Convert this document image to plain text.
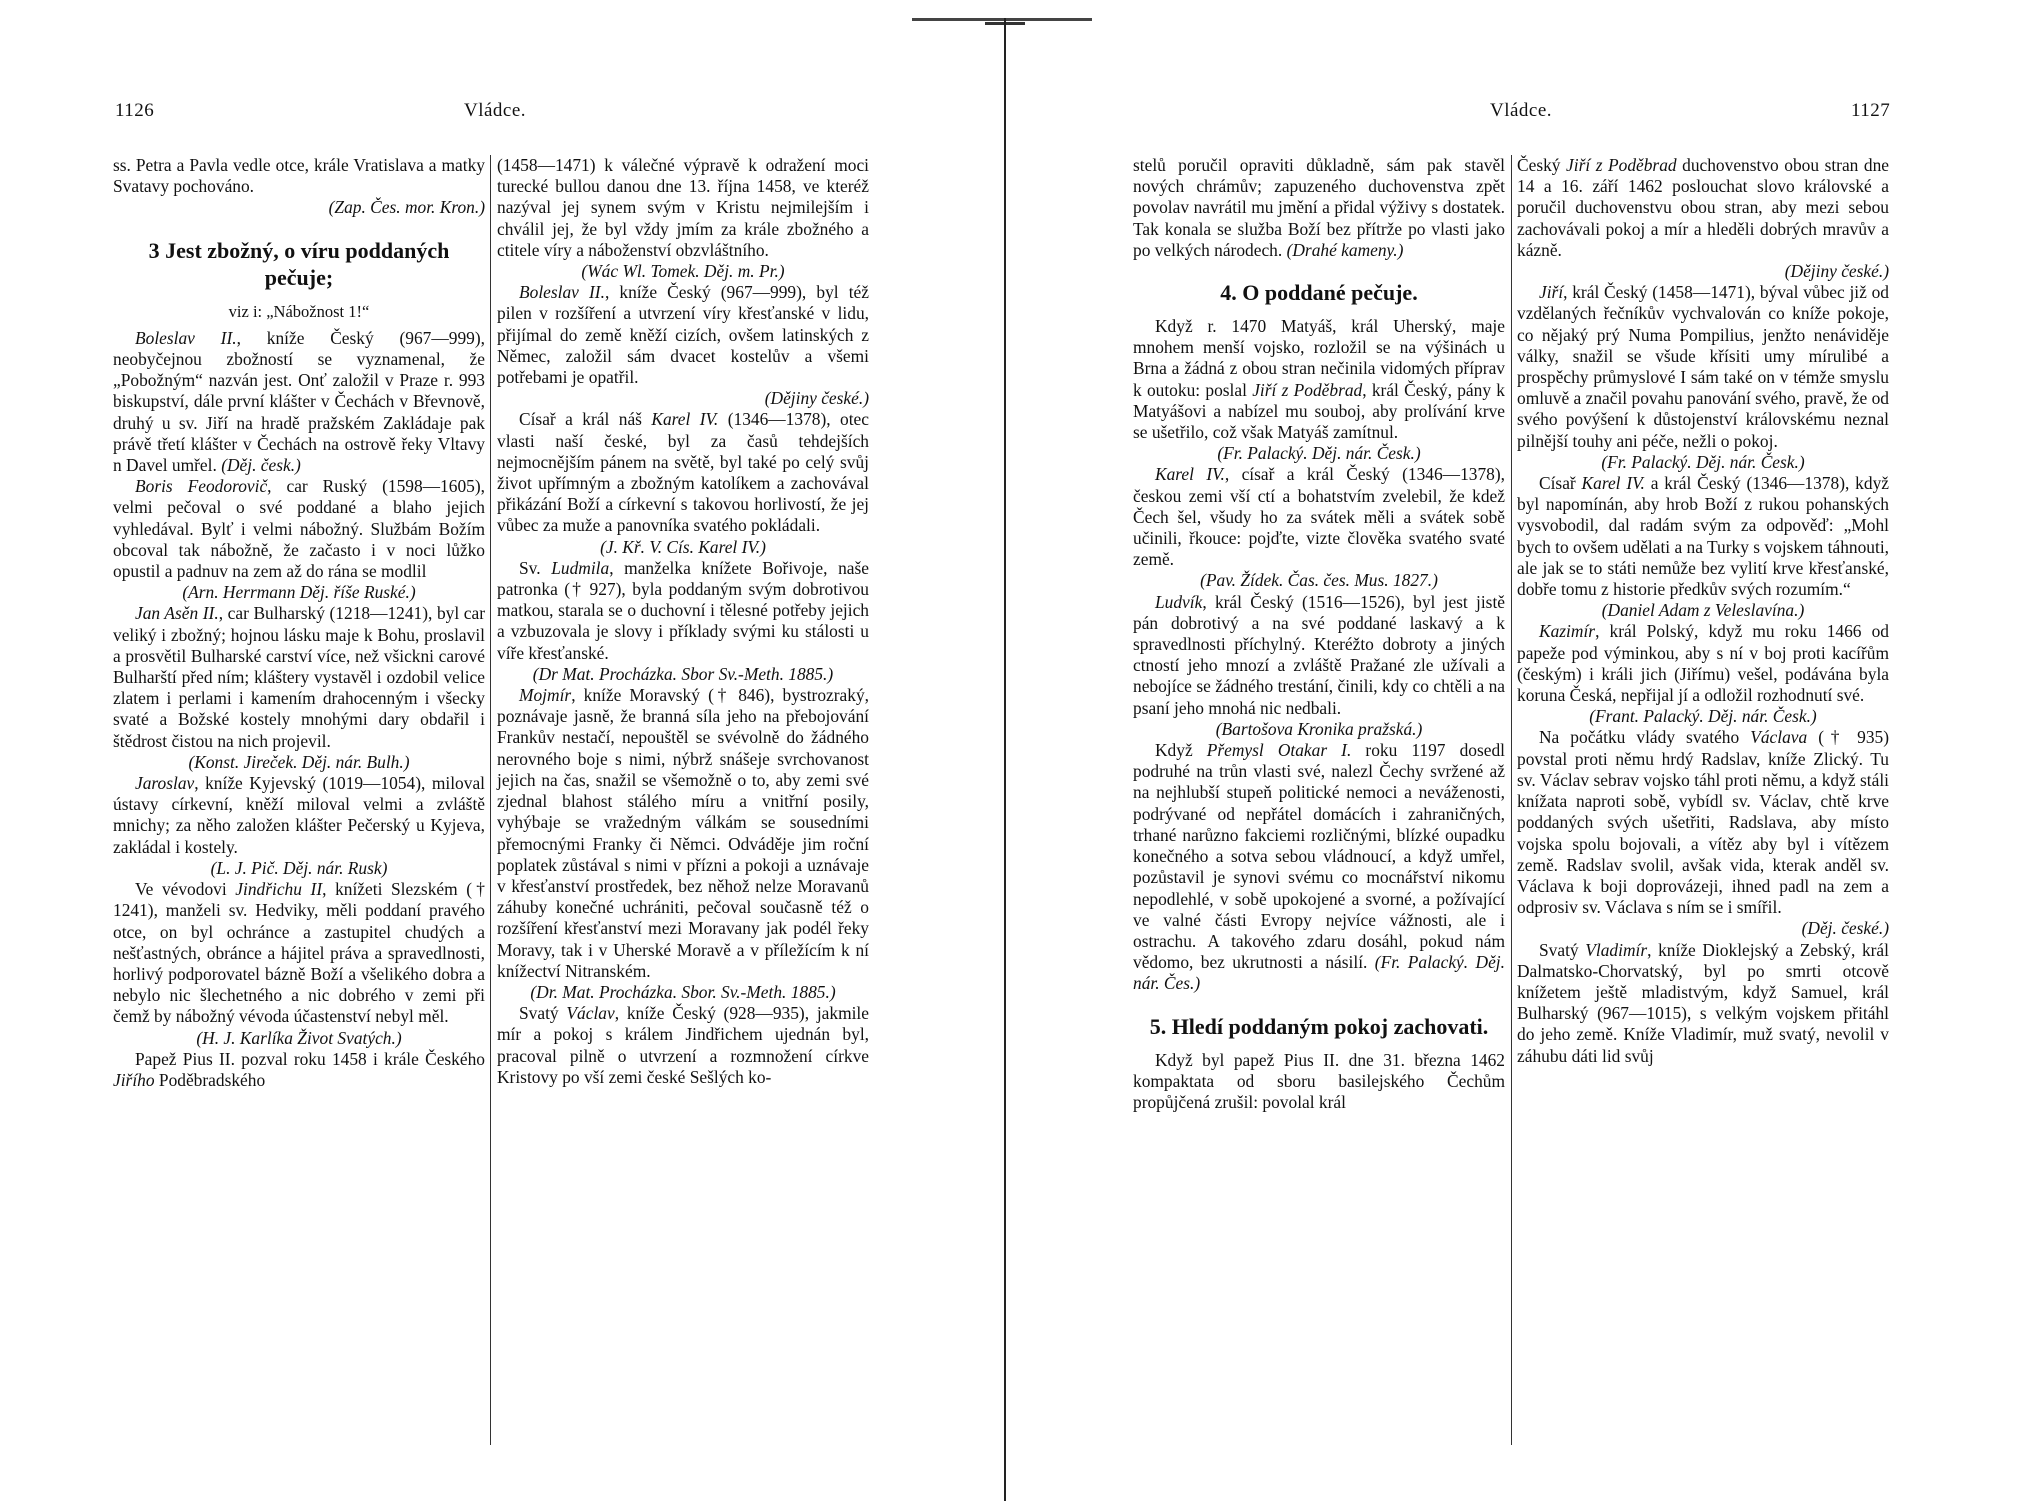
1126	Vládce.

ss. Petra a Pavla vedle otce, krále Vratislava a matky Svatavy pochováno.

(Zap. Čes. mor. Kron.)
3 Jest zbožný, o víru poddaných pečuje;
viz i: „Nábožnost 1!“

Boleslav II., kníže Český (967—999), neobyčejnou zbožností se vyznamenal, že „Pobožným“ nazván jest. Onť založil v Praze r. 993 biskupství, dále první klášter v Čechách v Břevnově, druhý u sv. Jiří na hradě pražském Zakládaje pak právě třetí klášter v Čechách na ostrově řeky Vltavy n Davel umřel. (Děj. česk.)

Boris Feodorovič, car Ruský (1598—1605), velmi pečoval o své poddané a blaho jejich vyhledával. Bylť i velmi nábožný. Službám Božím obcoval tak nábožně, že začasto i v noci lůžko opustil a padnuv na zem až do rána se modlil

(Arn. Herrmann Děj. říše Ruské.)

Jan Asěn II., car Bulharský (1218—1241), byl car veliký i zbožný; hojnou lásku maje k Bohu, proslavil a prosvětil Bulharské carství více, než všickni carové Bulharští před ním; kláštery vystavěl i ozdobil velice zlatem i perlami i kamením drahocenným i všecky svaté a Božské kostely mnohými dary obdařil i štědrost čistou na nich projevil.

(Konst. Jireček. Děj. nár. Bulh.)

Jaroslav, kníže Kyjevský (1019—1054), miloval ústavy církevní, kněží miloval velmi a zvláště mnichy; za něho založen klášter Pečerský u Kyjeva, zakládal i kostely.

(L. J. Pič. Děj. nár. Rusk)

Ve vévodovi Jindřichu II, knížeti Slezském († 1241), manželi sv. Hedviky, měli poddaní pravého otce, on byl ochránce a zastupitel chudých a nešťastných, obránce a hájitel práva a spravedlnosti, horlivý podporovatel bázně Boží a všelikého dobra a nebylo nic šlechetného a nic dobrého v zemi při čemž by nábožný vévoda účastenství nebyl měl.

(H. J. Karlíka Život Svatých.)

Papež Pius II. pozval roku 1458 i krále Českého Jiřího Poděbradského

(1458—1471) k válečné výpravě k odražení moci turecké bullou danou dne 13. října 1458, ve kteréž nazýval jej synem svým v Kristu nejmilejším i chválil jej, že byl vždy jmím za krále zbožného a ctitele víry a náboženství obzvláštního.

(Wác Wl. Tomek. Děj. m. Pr.)

Boleslav II., kníže Český (967—999), byl též pilen v rozšíření a utvrzení víry křesťanské v lidu, přijímal do země kněží cizích, ovšem latinských z Němec, založil sám dvacet kostelův a všemi potřebami je opatřil.

(Dějiny české.)

Císař a král náš Karel IV. (1346—1378), otec vlasti naší české, byl za časů tehdejších nejmocnějším pánem na světě, byl také po celý svůj život upřímným a zbožným katolíkem a zachovával přikázání Boží a církevní s takovou horlivostí, že jej vůbec za muže a panovníka svatého pokládali.

(J. Kř. V. Cís. Karel IV.)

Sv. Ludmila, manželka knížete Bořivoje, naše patronka († 927), byla poddaným svým dobrotivou matkou, starala se o duchovní i tělesné potřeby jejich a vzbuzovala je slovy i příklady svými ku stálosti u víře křesťanské.

(Dr Mat. Procházka. Sbor Sv.-Meth. 1885.)

Mojmír, kníže Moravský († 846), bystrozraký, poznávaje jasně, že branná síla jeho na přebojování Frankův nestačí, nepouštěl se svévolně do žádného nerovného boje s nimi, nýbrž snášeje svrchovanost jejich na čas, snažil se všemožně o to, aby zemi své zjednal blahost stálého míru a vnitřní posily, vyhýbaje se vražedným válkám se sousedními přemocnými Franky či Němci. Odváděje jim roční poplatek zůstával s nimi v přízni a pokoji a uznávaje v křesťanství prostředek, bez něhož nelze Moravanů záhuby konečné uchrániti, pečoval současně též o rozšíření křesťanství mezi Moravany jak podél řeky Moravy, tak i v Uherské Moravě a v příležícím k ní knížectví Nitranském.

(Dr. Mat. Procházka. Sbor. Sv.-Meth. 1885.)

Svatý Václav, kníže Český (928—935), jakmile mír a pokoj s králem Jindřichem ujednán byl, pracoval pilně o utvrzení a rozmnožení církve Kristovy po vší zemi české Sešlých ko-

Vládce.	1127

stelů poručil opraviti důkladně, sám pak stavěl nových chrámův; zapuzeného duchovenstva zpět povolav navrátil mu jmění a přidal výživy s dostatek. Tak konala se služba Boží bez přítrže po vlasti jako po velkých národech. (Drahé kameny.)

4. O poddané pečuje.

Když r. 1470 Matyáš, král Uherský, maje mnohem menší vojsko, rozložil se na výšinách u Brna a žádná z obou stran nečinila vidomých příprav k outoku: poslal Jiří z Poděbrad, král Český, pány k Matyášovi a nabízel mu souboj, aby prolívání krve se ušetřilo, což však Matyáš zamítnul.

(Fr. Palacký. Děj. nár. Česk.)

Karel IV., císař a král Český (1346—1378), českou zemi vší ctí a bohatstvím zvelebil, že kdež Čech šel, všudy ho za svátek měli a svátek sobě učinili, řkouce: pojďte, vizte člověka svatého svaté země.

(Pav. Žídek. Čas. čes. Mus. 1827.)

Ludvík, král Český (1516—1526), byl jest jistě pán dobrotivý a na své poddané laskavý a k spravedlnosti příchylný. Kteréžto dobroty a jiných ctností jeho mnozí a zvláště Pražané zle užívali a nebojíce se žádného trestání, činili, kdy co chtěli a na psaní jeho mnohá nic nedbali.

(Bartošova Kronika pražská.)

Když Přemysl Otakar I. roku 1197 dosedl podruhé na trůn vlasti své, nalezl Čechy svržené až na nejhlubší stupeň politické nemoci a neváženosti, podrývané od nepřátel domácích i zahraničných, trhané narůzno fakciemi rozličnými, blízké oupadku konečného a sotva sebou vládnoucí, a když umřel, pozůstavil je synovi svému co mocnářství nikomu nepodlehlé, v sobě upokojené a svorné, a požívající ve valné části Evropy nejvíce vážnosti, ale i ostrachu. A takového zdaru dosáhl, pokud nám vědomo, bez ukrutnosti a násilí. (Fr. Palacký. Děj. nár. Čes.)

5. Hledí poddaným pokoj zachovati.

Když byl papež Pius II. dne 31. března 1462 kompaktata od sboru basilejského Čechům propůjčená zrušil: povolal král

Český Jiří z Poděbrad duchovenstvo obou stran dne 14 a 16. září 1462 poslouchat slovo královské a poručil duchovenstvu obou stran, aby mezi sebou zachovávali pokoj a mír a hleděli dobrých mravův a kázně.

(Dějiny české.)

Jiří, král Český (1458—1471), býval vůbec již od vzdělaných řečníkův vychvalován co kníže pokoje, co nějaký prý Numa Pompilius, jenžto nenáviděje války, snažil se všude křísiti umy mírulibé a prospěchy průmyslové I sám také on v témže smyslu omluvě a značil povahu panování svého, pravě, že od svého povýšení k důstojenství královskému neznal pilnější touhy ani péče, nežli o pokoj.

(Fr. Palacký. Děj. nár. Česk.)

Císař Karel IV. a král Český (1346—1378), když byl napomínán, aby hrob Boží z rukou pohanských vysvobodil, dal radám svým za odpověď: „Mohl bych to ovšem udělati a na Turky s vojskem táhnouti, ale jak se to státi nemůže bez vylití krve křesťanské, dobře tomu z historie předkův svých rozumím.“

(Daniel Adam z Veleslavína.)

Kazimír, král Polský, když mu roku 1466 od papeže pod výminkou, aby s ní v boj proti kacířům (českým) i králi jich (Jiřímu) vešel, podávána byla koruna Česká, nepřijal jí a odložil rozhodnutí své.

(Frant. Palacký. Děj. nár. Česk.)

Na počátku vlády svatého Václava († 935) povstal proti němu hrdý Radslav, kníže Zlický. Tu sv. Václav sebrav vojsko táhl proti němu, a když stáli knížata naproti sobě, vybídl sv. Václav, chtě krve poddaných svých ušetřiti, Radslava, aby místo vojska spolu bojovali, a vítěz aby byl i vítězem země. Radslav svolil, avšak vida, kterak anděl sv. Václava k boji doprovázeji, ihned padl na zem a odprosiv sv. Václava s ním se i smířil.

(Děj. české.)

Svatý Vladimír, kníže Dioklejský a Zebský, král Dalmatsko-Chorvatský, byl po smrti otcově knížetem ještě mladistvým, když Samuel, král Bulharský (967—1015), s velkým vojskem přitáhl do jeho země. Kníže Vladimír, muž svatý, nevolil v záhubu dáti lid svůj
